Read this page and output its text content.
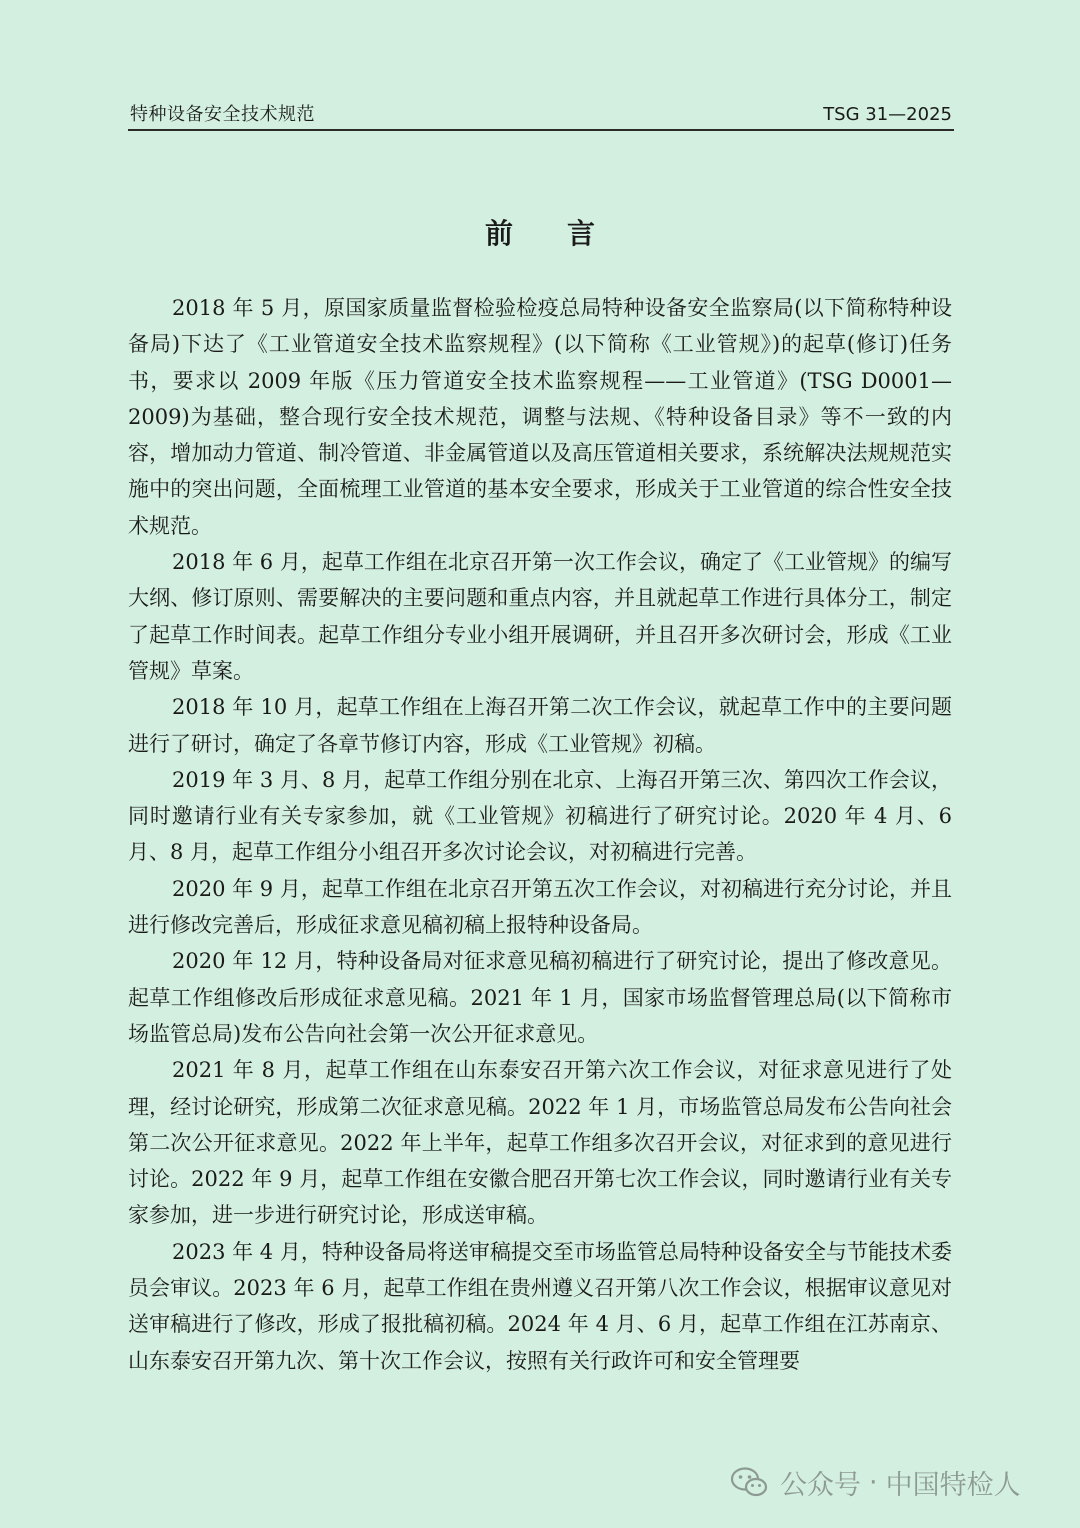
特种设备安全技术规范	TSG 31—2025
前言

2018 年 5 月，原国家质量监督检验检疫总局特种设备安全监察局(以下简称特种设备局)下达了《工业管道安全技术监察规程》(以下简称《工业管规》)的起草(修订)任务书，要求以 2009 年版《压力管道安全技术监察规程——工业管道》(TSG D0001—2009)为基础，整合现行安全技术规范，调整与法规、《特种设备目录》等不一致的内容，增加动力管道、制冷管道、非金属管道以及高压管道相关要求，系统解决法规规范实施中的突出问题，全面梳理工业管道的基本安全要求，形成关于工业管道的综合性安全技术规范。

2018 年 6 月，起草工作组在北京召开第一次工作会议，确定了《工业管规》的编写大纲、修订原则、需要解决的主要问题和重点内容，并且就起草工作进行具体分工，制定了起草工作时间表。起草工作组分专业小组开展调研，并且召开多次研讨会，形成《工业管规》草案。

2018 年 10 月，起草工作组在上海召开第二次工作会议，就起草工作中的主要问题进行了研讨，确定了各章节修订内容，形成《工业管规》初稿。

2019 年 3 月、8 月，起草工作组分别在北京、上海召开第三次、第四次工作会议，同时邀请行业有关专家参加，就《工业管规》初稿进行了研究讨论。2020 年 4 月、6 月、8 月，起草工作组分小组召开多次讨论会议，对初稿进行完善。

2020 年 9 月，起草工作组在北京召开第五次工作会议，对初稿进行充分讨论，并且进行修改完善后，形成征求意见稿初稿上报特种设备局。

2020 年 12 月，特种设备局对征求意见稿初稿进行了研究讨论，提出了修改意见。起草工作组修改后形成征求意见稿。2021 年 1 月，国家市场监督管理总局(以下简称市场监管总局)发布公告向社会第一次公开征求意见。

2021 年 8 月，起草工作组在山东泰安召开第六次工作会议，对征求意见进行了处理，经讨论研究，形成第二次征求意见稿。2022 年 1 月，市场监管总局发布公告向社会第二次公开征求意见。2022 年上半年，起草工作组多次召开会议，对征求到的意见进行讨论。2022 年 9 月，起草工作组在安徽合肥召开第七次工作会议，同时邀请行业有关专家参加，进一步进行研究讨论，形成送审稿。

2023 年 4 月，特种设备局将送审稿提交至市场监管总局特种设备安全与节能技术委员会审议。2023 年 6 月，起草工作组在贵州遵义召开第八次工作会议，根据审议意见对送审稿进行了修改，形成了报批稿初稿。2024 年 4 月、6 月，起草工作组在江苏南京、山东泰安召开第九次、第十次工作会议，按照有关行政许可和安全管理要

公众号 · 中国特检人
